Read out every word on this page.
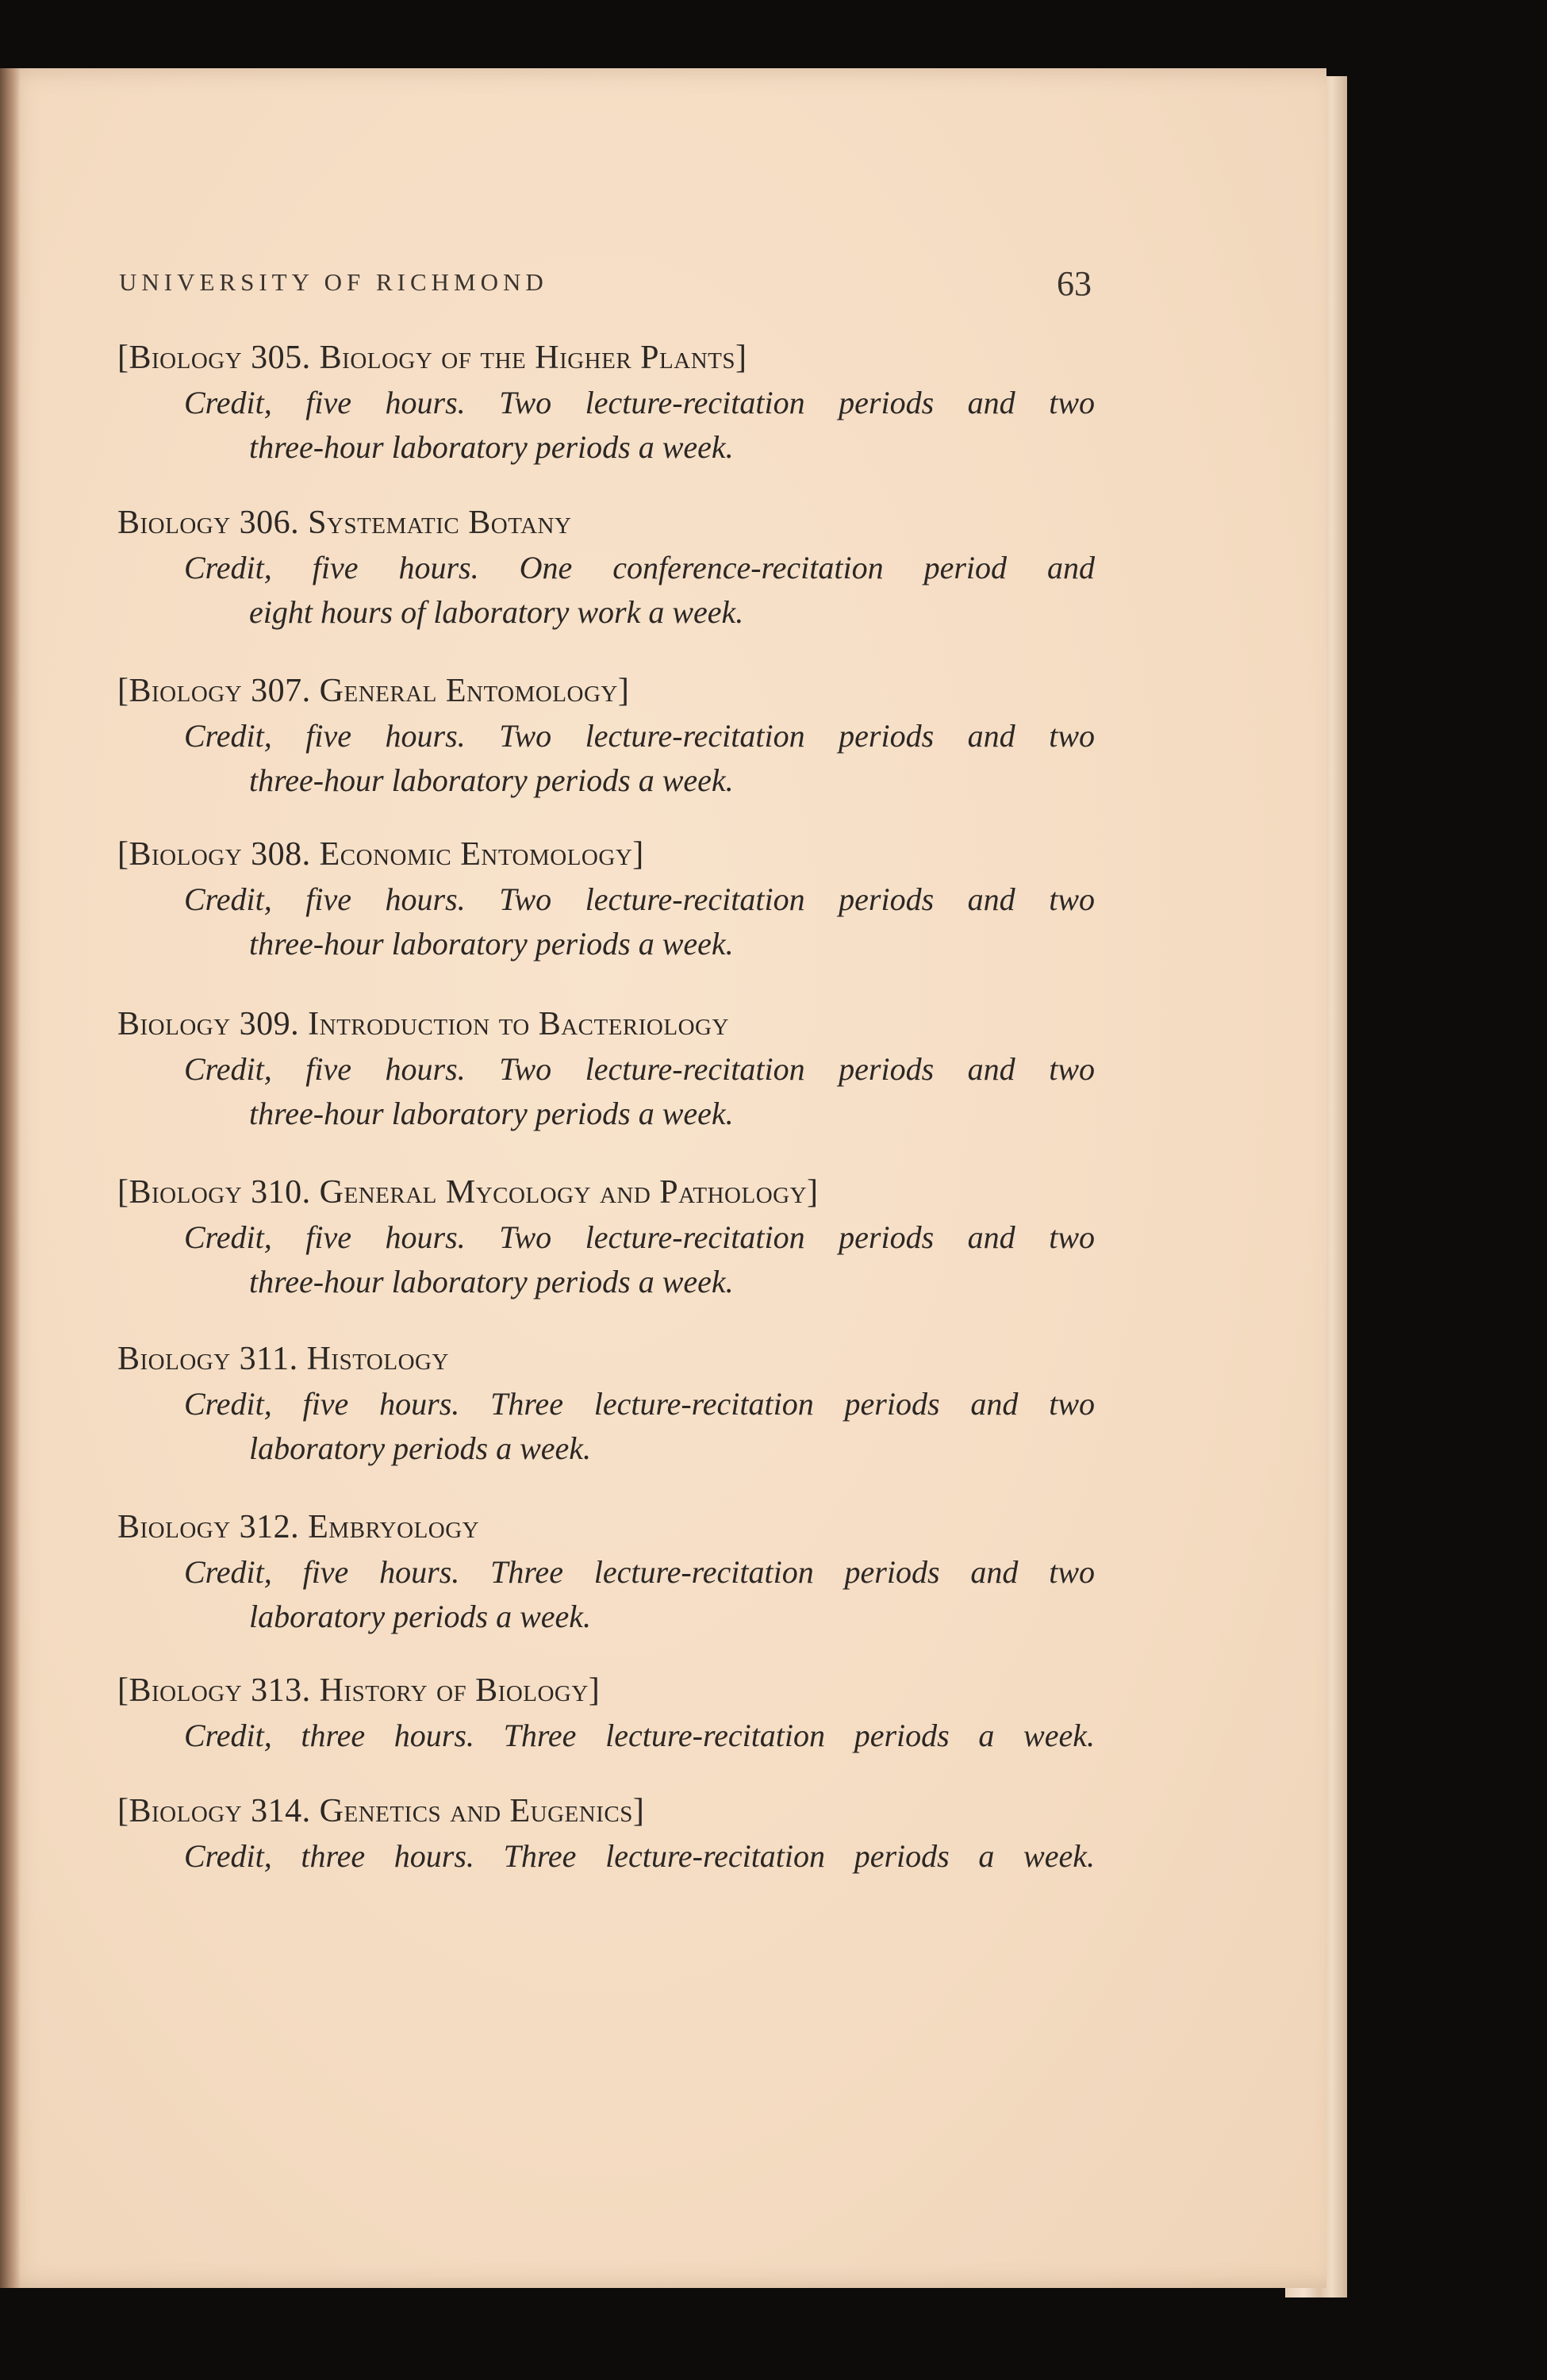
UNIVERSITY OF RICHMOND	63
[Biology 305. Biology of the Higher Plants]
Credit, five hours. Two lecture-recitation periods and two
three-hour laboratory periods a week.
Biology 306. Systematic Botany
Credit, five hours. One conference-recitation period and
eight hours of laboratory work a week.
[Biology 307. General Entomology]
Credit, five hours. Two lecture-recitation periods and two
three-hour laboratory periods a week.
[Biology 308. Economic Entomology]
Credit, five hours. Two lecture-recitation periods and two
three-hour laboratory periods a week.
Biology 309. Introduction to Bacteriology
Credit, five hours. Two lecture-recitation periods and two
three-hour laboratory periods a week.
[Biology 310. General Mycology and Pathology]
Credit, five hours. Two lecture-recitation periods and two
three-hour laboratory periods a week.
Biology 311. Histology
Credit, five hours. Three lecture-recitation periods and two
laboratory periods a week.
Biology 312. Embryology
Credit, five hours. Three lecture-recitation periods and two
laboratory periods a week.
[Biology 313. History of Biology]
Credit, three hours. Three lecture-recitation periods a week.
[Biology 314. Genetics and Eugenics]
Credit, three hours. Three lecture-recitation periods a week.
